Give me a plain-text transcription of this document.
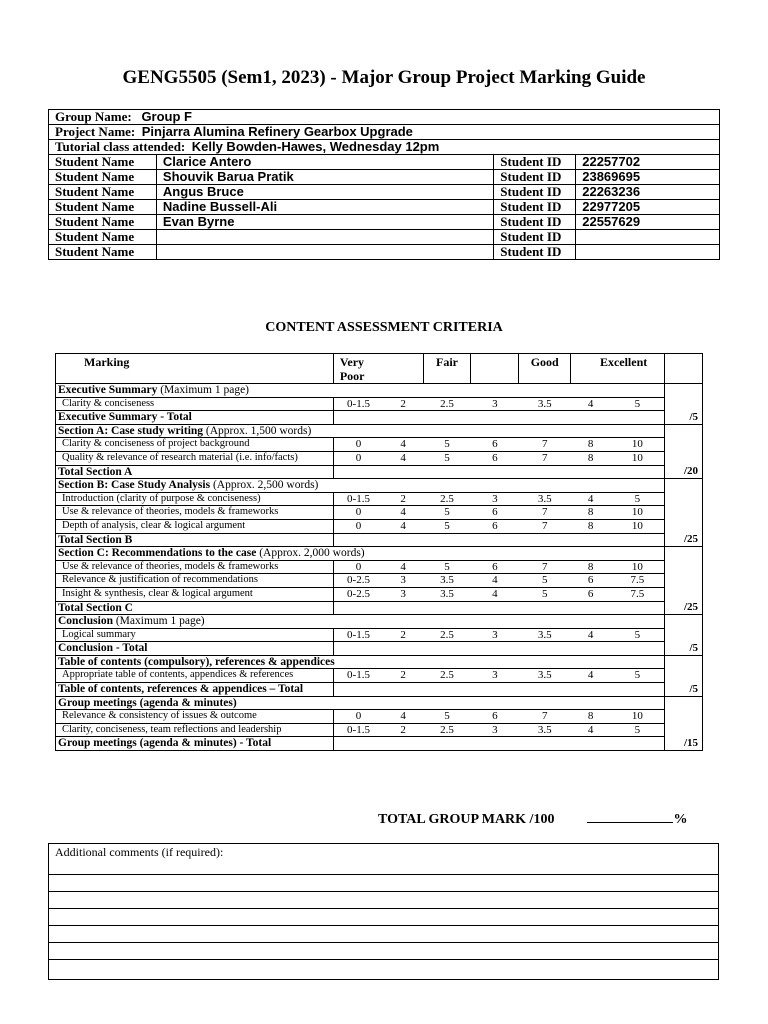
GENG5505 (Sem1, 2023) - Major Group Project Marking Guide
Group Name: Group F			
Project Name: Pinjarra Alumina Refinery Gearbox Upgrade			
Tutorial class attended: Kelly Bowden-Hawes, Wednesday 12pm			
Student Name	Clarice Antero	Student ID	22257702
Student Name	Shouvik Barua Pratik	Student ID	23869695
Student Name	Angus Bruce	Student ID	22263236
Student Name	Nadine Bussell-Ali	Student ID	22977205
Student Name	Evan Byrne	Student ID	22557629
Student Name		Student ID	
Student Name		Student ID	
CONTENT ASSESSMENT CRITERIA
Marking	Very Poor		Fair		Good	Excellent		
Executive Summary (Maximum 1 page)								
Clarity & conciseness	0-1.5	2	2.5	3	3.5	4	5	
Executive Summary - Total								/5
Section A: Case study writing (Approx. 1,500 words)								
Clarity & conciseness of project background	0	4	5	6	7	8	10	
Quality & relevance of research material (i.e. info/facts)	0	4	5	6	7	8	10	
Total Section A								/20
Section B: Case Study Analysis (Approx. 2,500 words)								
Introduction (clarity of purpose & conciseness)	0-1.5	2	2.5	3	3.5	4	5	
Use & relevance of theories, models & frameworks	0	4	5	6	7	8	10	
Depth of analysis, clear & logical argument	0	4	5	6	7	8	10	
Total Section B								/25
Section C: Recommendations to the case (Approx. 2,000 words)								
Use & relevance of theories, models & frameworks	0	4	5	6	7	8	10	
Relevance & justification of recommendations	0-2.5	3	3.5	4	5	6	7.5	
Insight & synthesis, clear & logical argument	0-2.5	3	3.5	4	5	6	7.5	
Total Section C								/25
Conclusion (Maximum 1 page)								
Logical summary	0-1.5	2	2.5	3	3.5	4	5	
Conclusion - Total								/5
Table of contents (compulsory), references & appendices								
Appropriate table of contents, appendices & references	0-1.5	2	2.5	3	3.5	4	5	
Table of contents, references & appendices – Total								/5
Group meetings (agenda & minutes)								
Relevance & consistency of issues & outcome	0	4	5	6	7	8	10	
Clarity, conciseness, team reflections and leadership	0-1.5	2	2.5	3	3.5	4	5	
Group meetings (agenda & minutes) - Total								/15
TOTAL GROUP MARK /100	%
Additional comments (if required):
